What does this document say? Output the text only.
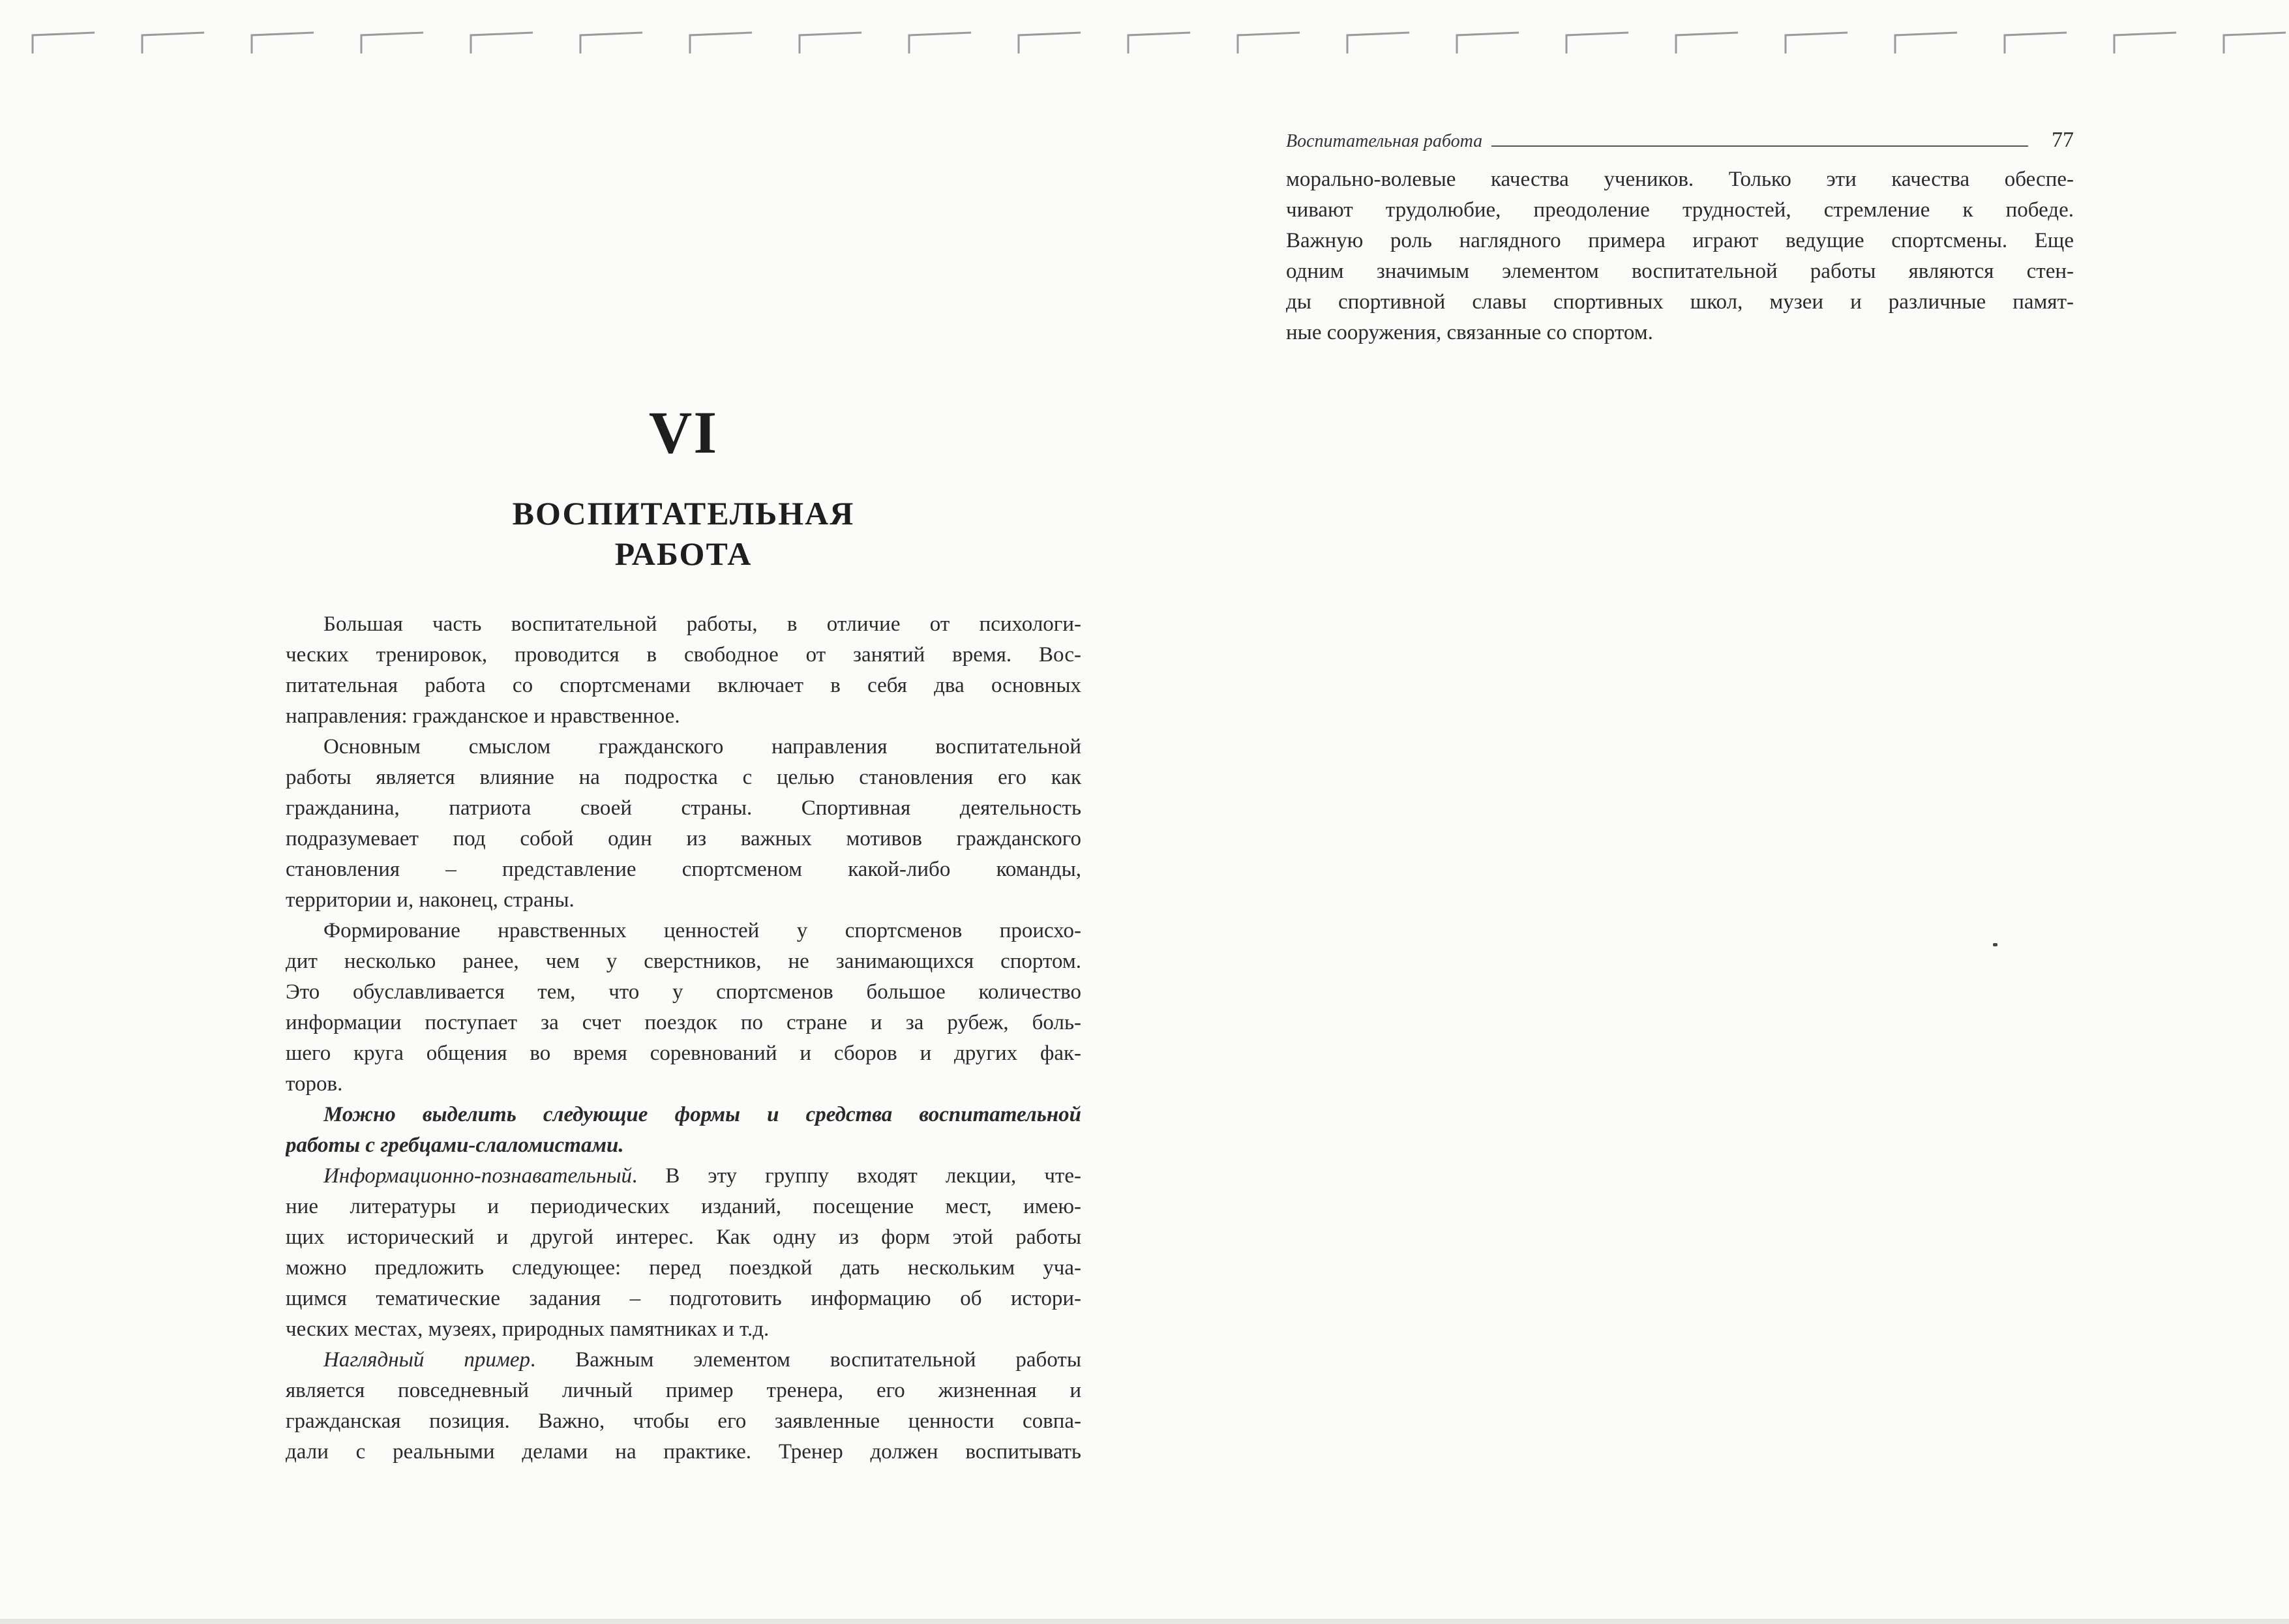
VI
ВОСПИТАТЕЛЬНАЯ
РАБОТА
Большая часть воспитательной работы, в отличие от психологи-
ческих тренировок, проводится в свободное от занятий время. Вос-
питательная работа со спортсменами включает в себя два основных
направления: гражданское и нравственное.
Основным смыслом гражданского направления воспитательной
работы является влияние на подростка с целью становления его как
гражданина, патриота своей страны. Спортивная деятельность
подразумевает под собой один из важных мотивов гражданского
становления – представление спортсменом какой-либо команды,
территории и, наконец, страны.
Формирование нравственных ценностей у спортсменов происхо-
дит несколько ранее, чем у сверстников, не занимающихся спортом.
Это обуславливается тем, что у спортсменов большое количество
информации поступает за счет поездок по стране и за рубеж, боль-
шего круга общения во время соревнований и сборов и других фак-
торов.
Можно выделить следующие формы и средства воспитательной
работы с гребцами-слаломистами.
Информационно-познавательный. В эту группу входят лекции, чте-
ние литературы и периодических изданий, посещение мест, имею-
щих исторический и другой интерес. Как одну из форм этой работы
можно предложить следующее: перед поездкой дать нескольким уча-
щимся тематические задания – подготовить информацию об истори-
ческих местах, музеях, природных памятниках и т.д.
Наглядный пример. Важным элементом воспитательной работы
является повседневный личный пример тренера, его жизненная и
гражданская позиция. Важно, чтобы его заявленные ценности совпа-
дали с реальными делами на практике. Тренер должен воспитывать
Воспитательная работа	77
морально-волевые качества учеников. Только эти качества обеспе-
чивают трудолюбие, преодоление трудностей, стремление к победе.
Важную роль наглядного примера играют ведущие спортсмены. Еще
одним значимым элементом воспитательной работы являются стен-
ды спортивной славы спортивных школ, музеи и различные памят-
ные сооружения, связанные со спортом.
